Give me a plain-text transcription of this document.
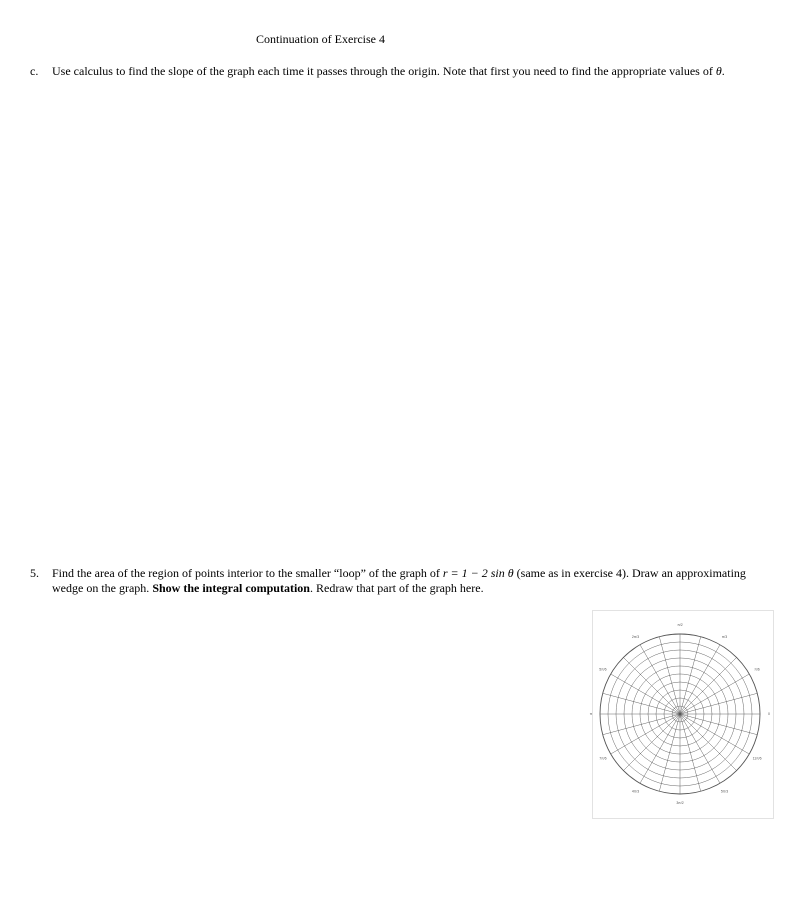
Continuation of Exercise 4
c. Use calculus to find the slope of the graph each time it passes through the origin. Note that first you need to find the appropriate values of θ.
5. Find the area of the region of points interior to the smaller “loop” of the graph of r = 1 − 2 sin θ (same as in exercise 4). Draw an approximating wedge on the graph. Show the integral computation. Redraw that part of the graph here.
0
π/6
π/3
π/2
2π/3
5π/6
π
7π/6
4π/3
3π/2
5π/3
11π/6
